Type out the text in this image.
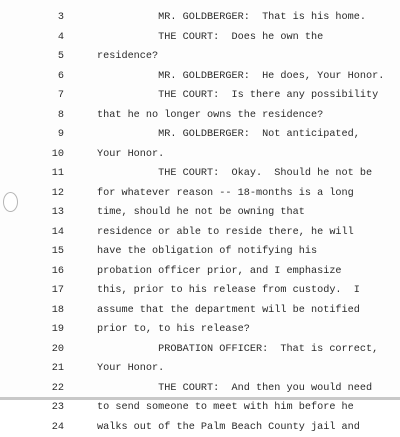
3	MR. GOLDBERGER:  That is his home.
4	THE COURT:  Does he own the
5	residence?
6	MR. GOLDBERGER:  He does, Your Honor.
7	THE COURT:  Is there any possibility
8	that he no longer owns the residence?
9	MR. GOLDBERGER:  Not anticipated,
10	Your Honor.
11	THE COURT:  Okay.  Should he not be
12	for whatever reason -- 18-months is a long
13	time, should he not be owning that
14	residence or able to reside there, he will
15	have the obligation of notifying his
16	probation officer prior, and I emphasize
17	this, prior to his release from custody.  I
18	assume that the department will be notified
19	prior to, to his release?
20	PROBATION OFFICER:  That is correct,
21	Your Honor.
22	THE COURT:  And then you would need
23	to send someone to meet with him before he
24	walks out of the Palm Beach County jail and
